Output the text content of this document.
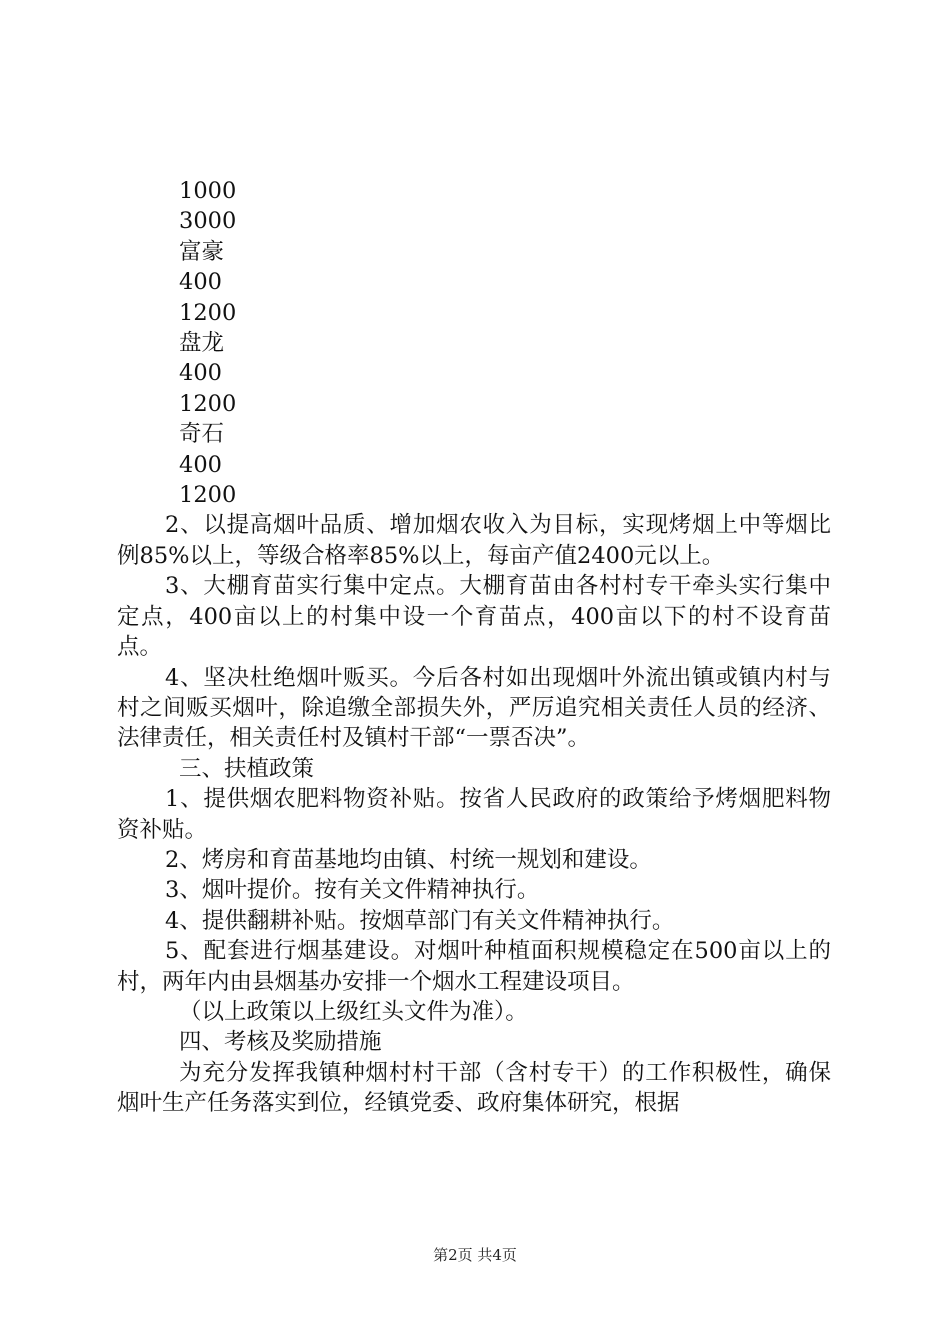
1000
3000
富豪
400
1200
盘龙
400
1200
奇石
400
1200

2、以提高烟叶品质、增加烟农收入为目标，实现烤烟上中等烟比例85%以上，等级合格率85%以上，每亩产值2400元以上。

3、大棚育苗实行集中定点。大棚育苗由各村村专干牵头实行集中定点，400亩以上的村集中设一个育苗点，400亩以下的村不设育苗点。

4、坚决杜绝烟叶贩买。今后各村如出现烟叶外流出镇或镇内村与村之间贩买烟叶，除追缴全部损失外，严厉追究相关责任人员的经济、法律责任，相关责任村及镇村干部“一票否决”。

三、扶植政策

1、提供烟农肥料物资补贴。按省人民政府的政策给予烤烟肥料物资补贴。

2、烤房和育苗基地均由镇、村统一规划和建设。

3、烟叶提价。按有关文件精神执行。

4、提供翻耕补贴。按烟草部门有关文件精神执行。

5、配套进行烟基建设。对烟叶种植面积规模稳定在500亩以上的村，两年内由县烟基办安排一个烟水工程建设项目。

（以上政策以上级红头文件为准）。

四、考核及奖励措施

为充分发挥我镇种烟村村干部（含村专干）的工作积极性，确保烟叶生产任务落实到位，经镇党委、政府集体研究，根据

第2页 共4页
